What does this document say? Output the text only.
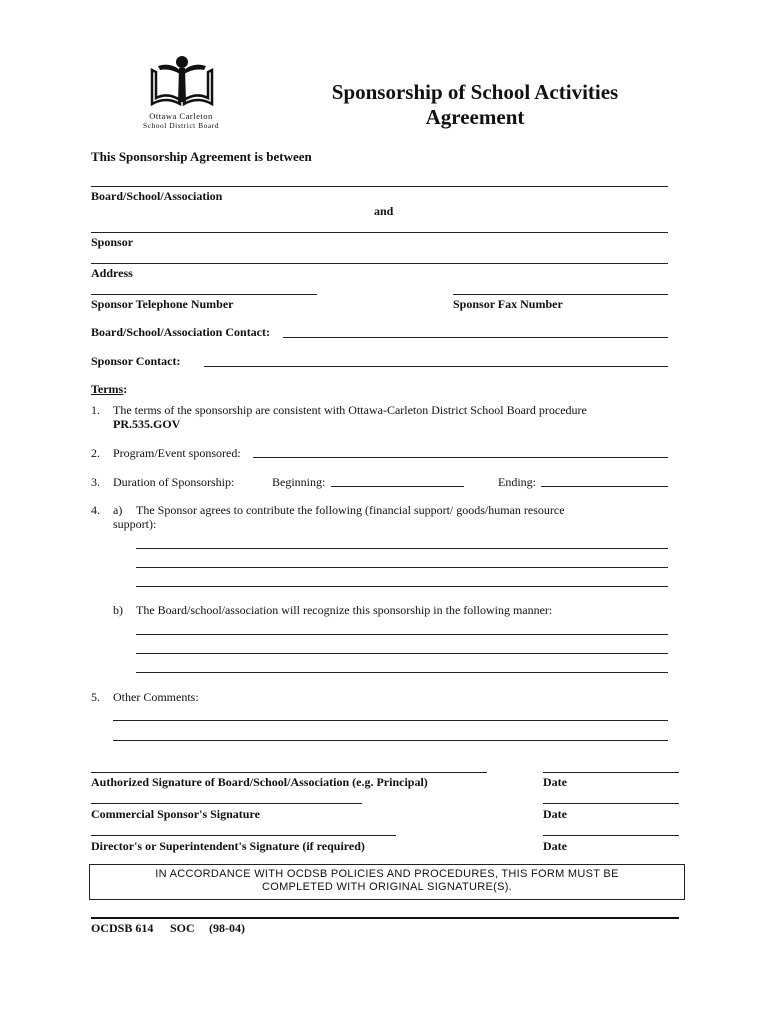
Ottawa Carleton
School District Board
Sponsorship of School Activities
Agreement
This Sponsorship Agreement is between
Board/School/Association
and
Sponsor
Address
Sponsor Telephone Number	Sponsor Fax Number
Board/School/Association Contact:
Sponsor Contact:
Terms:
1. The terms of the sponsorship are consistent with Ottawa-Carleton District School Board procedure
PR.535.GOV
2. Program/Event sponsored:
3. Duration of Sponsorship:	Beginning:	Ending:
4. a) The Sponsor agrees to contribute the following (financial support/ goods/human resource
support):
b) The Board/school/association will recognize this sponsorship in the following manner:
5. Other Comments:
Authorized Signature of Board/School/Association (e.g. Principal)	Date
Commercial Sponsor's Signature	Date
Director's or Superintendent's Signature (if required)	Date
IN ACCORDANCE WITH OCDSB POLICIES AND PROCEDURES, THIS FORM MUST BE
COMPLETED WITH ORIGINAL SIGNATURE(S).
OCDSB 614 SOC (98-04)
